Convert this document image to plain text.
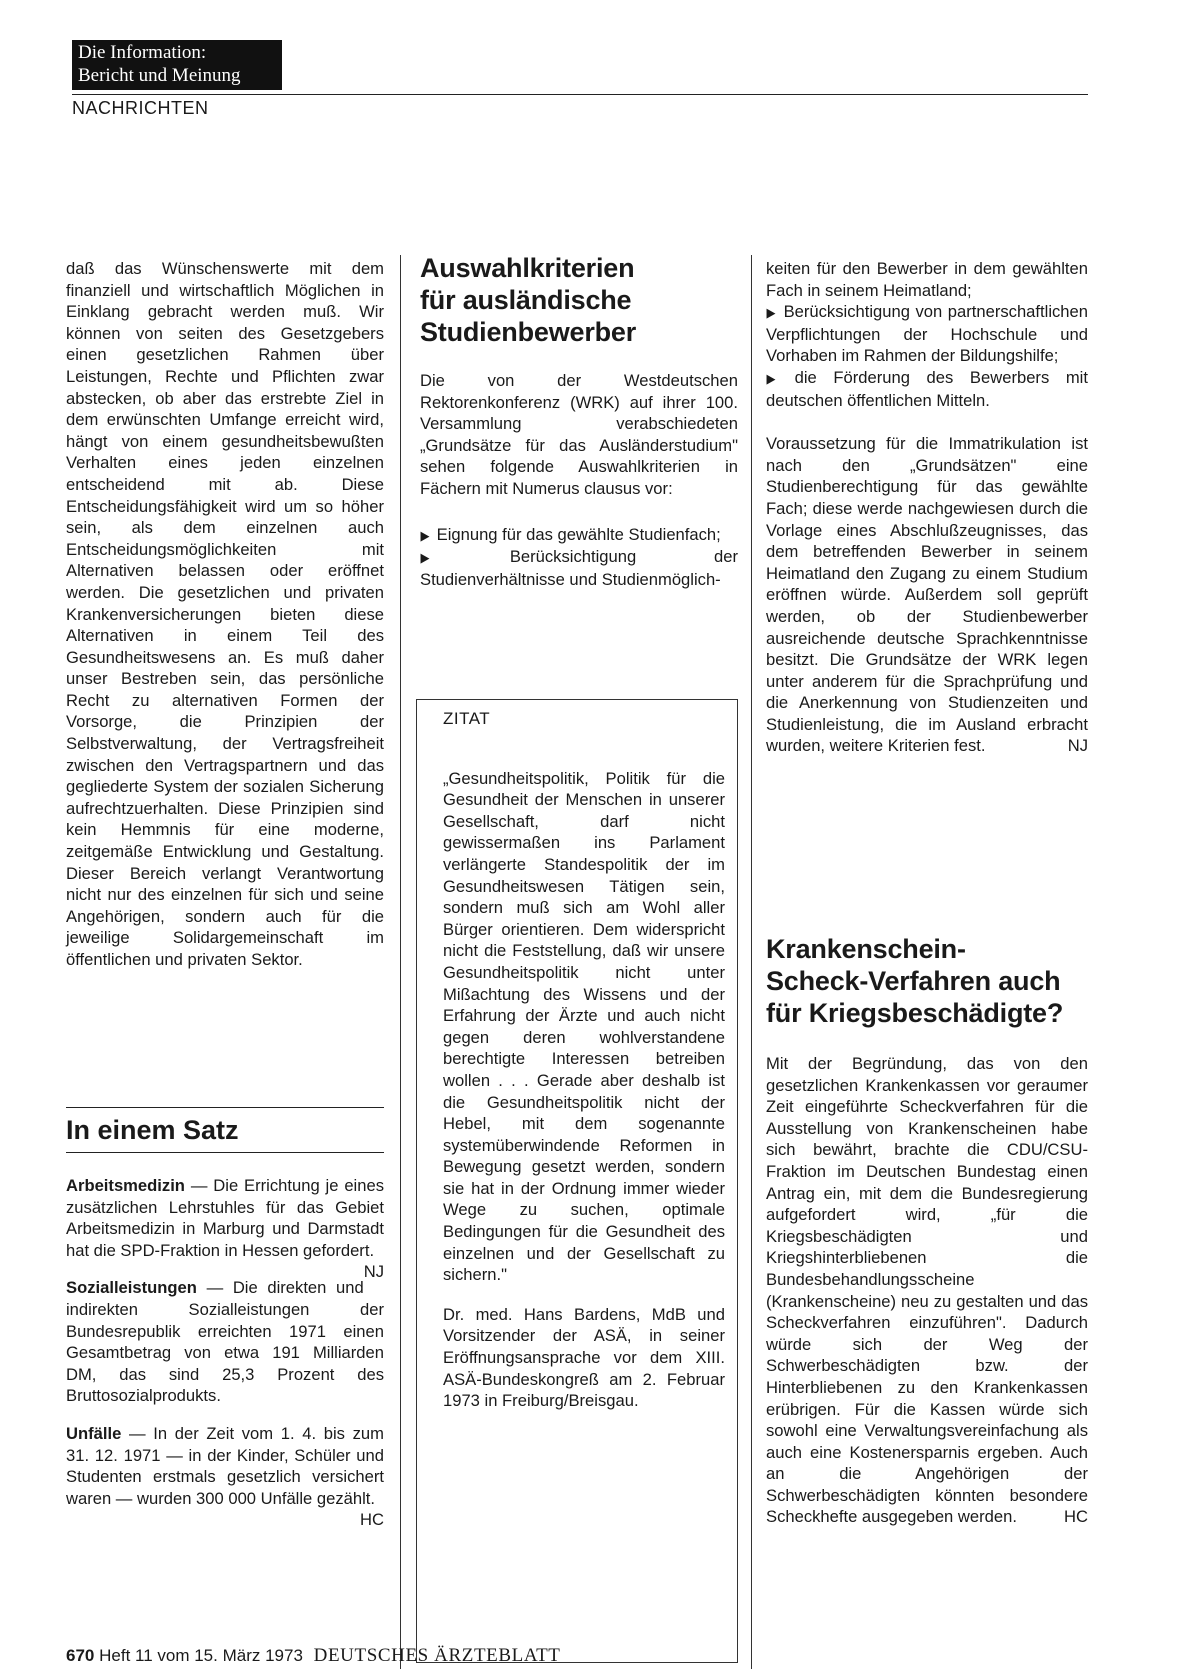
Die Information:
Bericht und Meinung
NACHRICHTEN

daß das Wünschenswerte mit dem finanziell und wirtschaftlich Möglichen in Einklang gebracht werden muß. Wir können von seiten des Gesetzgebers einen gesetzlichen Rahmen über Leistungen, Rechte und Pflichten zwar abstecken, ob aber das erstrebte Ziel in dem erwünschten Umfange erreicht wird, hängt von einem gesundheitsbewußten Verhalten eines jeden einzelnen entscheidend mit ab. Diese Entscheidungsfähigkeit wird um so höher sein, als dem einzelnen auch Entscheidungsmöglichkeiten mit Alternativen belassen oder eröffnet werden. Die gesetzlichen und privaten Krankenversicherungen bieten diese Alternativen in einem Teil des Gesundheitswesens an. Es muß daher unser Bestreben sein, das persönliche Recht zu alternativen Formen der Vorsorge, die Prinzipien der Selbstverwaltung, der Vertragsfreiheit zwischen den Vertragspartnern und das gegliederte System der sozialen Sicherung aufrechtzuerhalten. Diese Prinzipien sind kein Hemmnis für eine moderne, zeitgemäße Entwicklung und Gestaltung. Dieser Bereich verlangt Verantwortung nicht nur des einzelnen für sich und seine Angehörigen, sondern auch für die jeweilige Solidargemeinschaft im öffentlichen und privaten Sektor.

In einem Satz

Arbeitsmedizin — Die Errichtung je eines zusätzlichen Lehrstuhles für das Gebiet Arbeitsmedizin in Marburg und Darmstadt hat die SPD-Fraktion in Hessen gefordert.
NJ

Sozialleistungen — Die direkten und indirekten Sozialleistungen der Bundesrepublik erreichten 1971 einen Gesamtbetrag von etwa 191 Milliarden DM, das sind 25,3 Prozent des Bruttosozialprodukts.

Unfälle — In der Zeit vom 1. 4. bis zum 31. 12. 1971 — in der Kinder, Schüler und Studenten erstmals gesetzlich versichert waren — wurden 300 000 Unfälle gezählt.
HC

Auswahlkriterien
für ausländische
Studienbewerber

Die von der Westdeutschen Rektorenkonferenz (WRK) auf ihrer 100. Versammlung verabschiedeten „Grundsätze für das Ausländerstudium" sehen folgende Auswahlkriterien in Fächern mit Numerus clausus vor:

▶ Eignung für das gewählte Studienfach;

▶	Berücksichtigung der Studienverhältnisse und Studienmöglich-

ZITAT

„Gesundheitspolitik, Politik für die Gesundheit der Menschen in unserer Gesellschaft, darf nicht gewissermaßen ins Parlament verlängerte Standespolitik der im Gesundheitswesen Tätigen sein, sondern muß sich am Wohl aller Bürger orientieren. Dem widerspricht nicht die Feststellung, daß wir unsere Gesundheitspolitik nicht unter Mißachtung des Wissens und der Erfahrung der Ärzte und auch nicht gegen deren wohlverstandene berechtigte Interessen betreiben wollen . . . Gerade aber deshalb ist die Gesundheitspolitik nicht der Hebel, mit dem sogenannte systemüberwindende Reformen in Bewegung gesetzt werden, sondern sie hat in der Ordnung immer wieder Wege zu suchen, optimale Bedingungen für die Gesundheit des einzelnen und der Gesellschaft zu sichern."

Dr. med. Hans Bardens, MdB und Vorsitzender der ASÄ, in seiner Eröffnungsansprache vor dem XIII. ASÄ-Bundeskongreß am 2. Februar 1973 in Freiburg/Breisgau.

keiten für den Bewerber in dem gewählten Fach in seinem Heimatland;

▶ Berücksichtigung von partnerschaftlichen Verpflichtungen der Hochschule und Vorhaben im Rahmen der Bildungshilfe;

▶ die Förderung des Bewerbers mit deutschen öffentlichen Mitteln.

Voraussetzung für die Immatrikulation ist nach den „Grundsätzen" eine Studienberechtigung für das gewählte Fach; diese werde nachgewiesen durch die Vorlage eines Abschlußzeugnisses, das dem betreffenden Bewerber in seinem Heimatland den Zugang zu einem Studium eröffnen würde. Außerdem soll geprüft werden, ob der Studienbewerber ausreichende deutsche Sprachkenntnisse besitzt. Die Grundsätze der WRK legen unter anderem für die Sprachprüfung und die Anerkennung von Studienzeiten und Studienleistung, die im Ausland erbracht wurden, weitere Kriterien fest.	NJ

Krankenschein-
Scheck-Verfahren auch
für Kriegsbeschädigte?

Mit der Begründung, das von den gesetzlichen Krankenkassen vor geraumer Zeit eingeführte Scheckverfahren für die Ausstellung von Krankenscheinen habe sich bewährt, brachte die CDU/CSU-Fraktion im Deutschen Bundestag einen Antrag ein, mit dem die Bundesregierung aufgefordert wird, „für die Kriegsbeschädigten und Kriegshinterbliebenen die Bundesbehandlungsscheine (Krankenscheine) neu zu gestalten und das Scheckverfahren einzuführen". Dadurch würde sich der Weg der Schwerbeschädigten bzw. der Hinterbliebenen zu den Krankenkassen erübrigen. Für die Kassen würde sich sowohl eine Verwaltungsvereinfachung als auch eine Kostenersparnis ergeben. Auch an die Angehörigen der Schwerbeschädigten könnten besondere Scheckhefte ausgegeben werden.	HC

670 Heft 11 vom 15. März 1973 DEUTSCHES ÄRZTEBLATT
